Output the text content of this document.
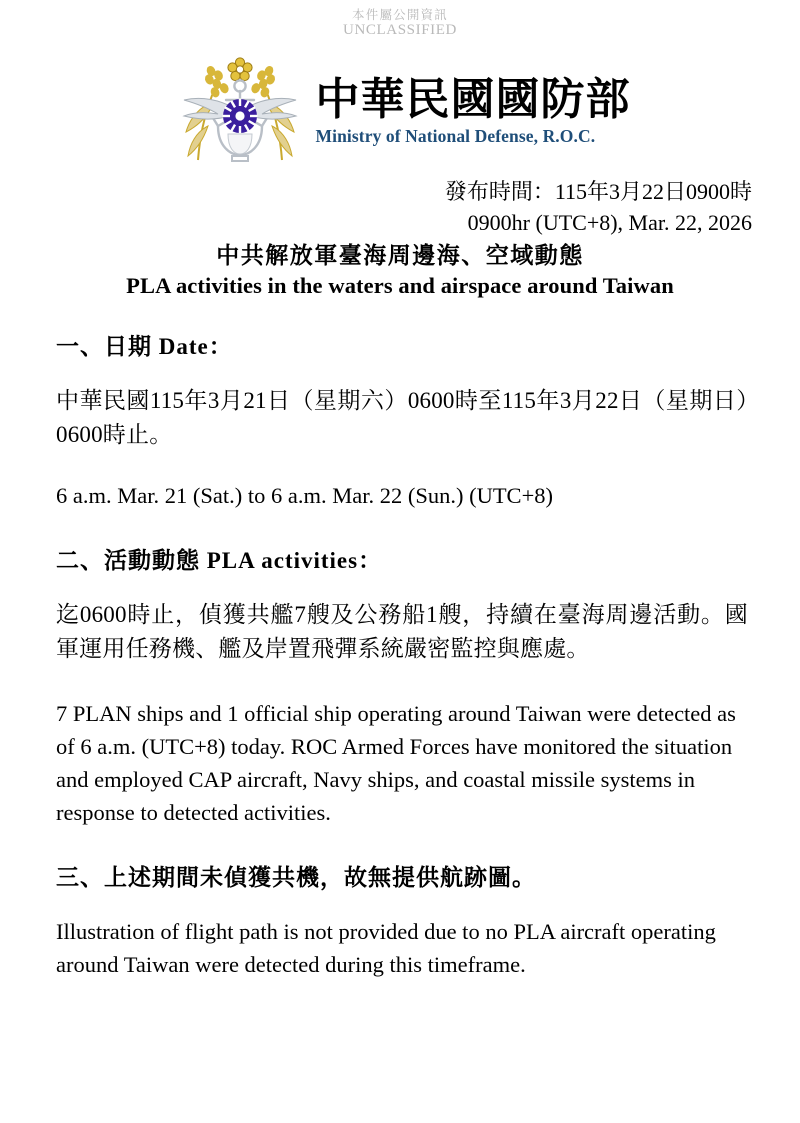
本件屬公開資訊
UNCLASSIFIED
中華民國國防部
Ministry of National Defense, R.O.C.
發布時間：115年3月22日0900時
0900hr (UTC+8), Mar. 22, 2026
中共解放軍臺海周邊海、空域動態
PLA activities in the waters and airspace around Taiwan
一、日期 Date：

中華民國115年3月21日（星期六）0600時至115年3月22日（星期日）0600時止。

6 a.m. Mar. 21 (Sat.) to 6 a.m. Mar. 22 (Sun.) (UTC+8)

二、活動動態 PLA activities：

迄0600時止，偵獲共艦7艘及公務船1艘，持續在臺海周邊活動。國軍運用任務機、艦及岸置飛彈系統嚴密監控與應處。

7 PLAN ships and 1 official ship operating around Taiwan were detected as of 6 a.m. (UTC+8) today. ROC Armed Forces have monitored the situation and employed CAP aircraft, Navy ships, and coastal missile systems in response to detected activities.

三、上述期間未偵獲共機，故無提供航跡圖。

Illustration of flight path is not provided due to no PLA aircraft operating around Taiwan were detected during this timeframe.
